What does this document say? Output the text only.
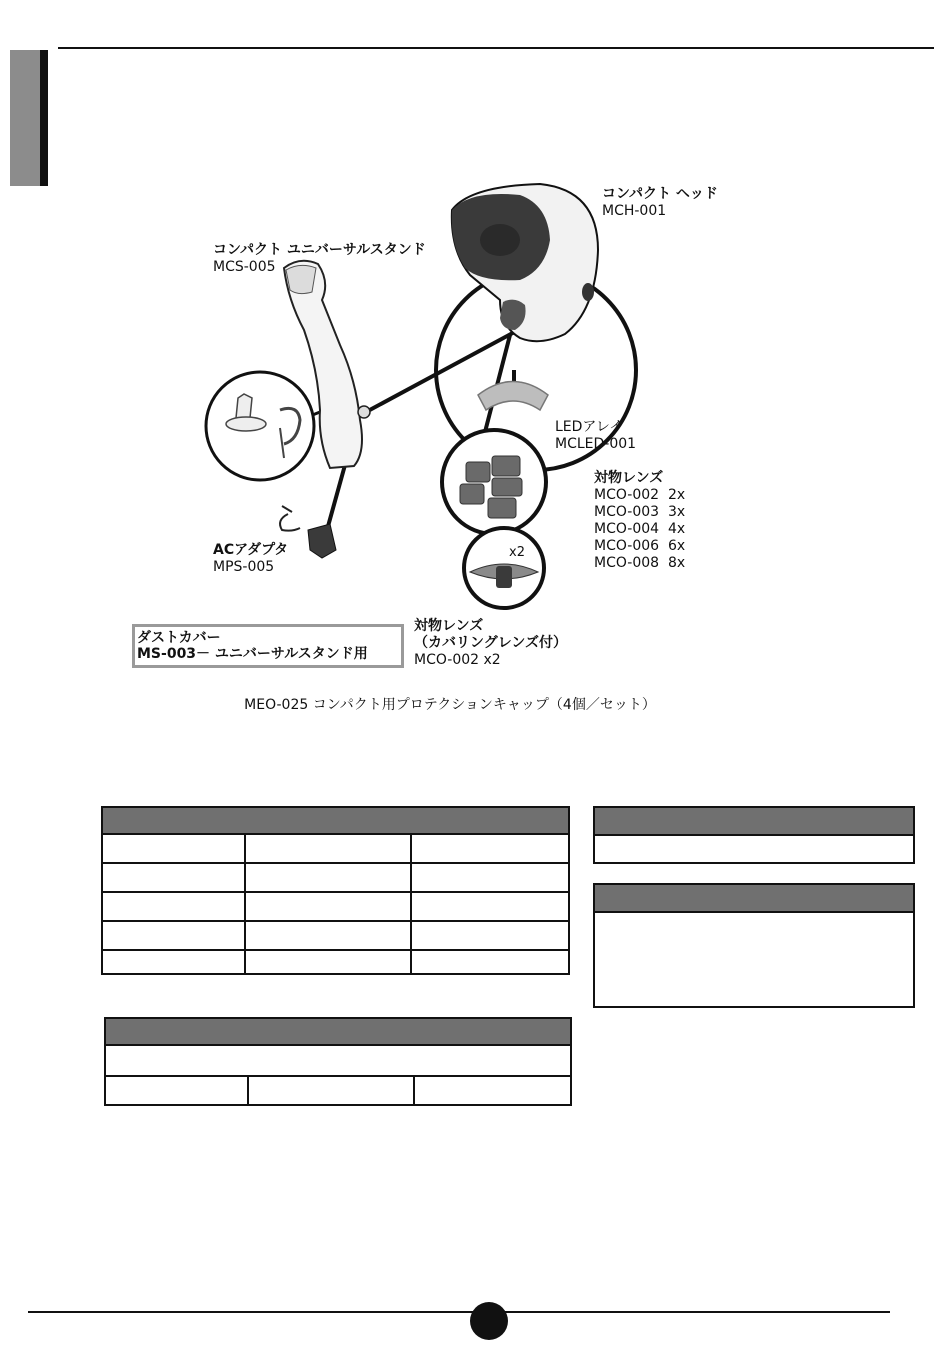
コンパクト ヘッド
MCH-001
コンパクト ユニバーサルスタンド
MCS-005
LEDアレイ
MCLED-001
対物レンズ
MCO-002  2x
MCO-003  3x
MCO-004  4x
MCO-006  6x
MCO-008  8x
x2
ACアダプタ
MPS-005
対物レンズ
（カバリングレンズ付）
MCO-002 x2
ダストカバー
MS-003－ ユニバーサルスタンド用
MEO-025 コンパクト用プロテクションキャップ（4個／セット）
